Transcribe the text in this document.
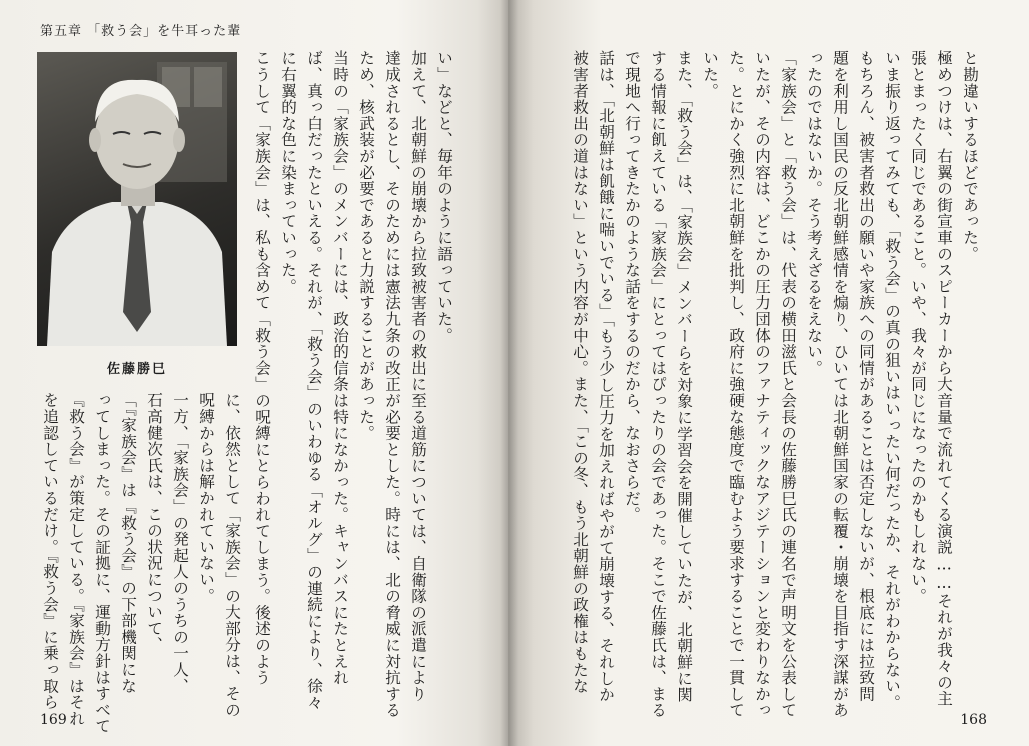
第五章 「救う会」を牛耳った輩
佐藤勝巳
い」などと、毎年のように語っていた。
加えて、北朝鮮の崩壊から拉致被害者の救出に至る道筋については、自衛隊の派遣により
達成されるとし、そのためには憲法九条の改正が必要とした。時には、北の脅威に対抗する
ため、核武装が必要であると力説することがあった。
当時の「家族会」のメンバーには、政治的信条は特になかった。キャンバスにたとえれ
ば、真っ白だったといえる。それが、「救う会」のいわゆる「オルグ」の連続により、徐々
に右翼的な色に染まっていった。
こうして「家族会」は、私も含めて「救う会」の呪縛にとらわれてしまう。後述のよう
に、依然として「家族会」の大部分は、その
呪縛からは解かれていない。
一方、「家族会」の発起人のうちの一人、
石高健次氏は、この状況について、
「『家族会』は『救う会』の下部機関にな
ってしまった。その証拠に、運動方針はすべて
『救う会』が策定している。『家族会』はそれ
を追認しているだけ。『救う会』に乗っ取ら
169
と勘違いするほどであった。
極めつけは、右翼の街宣車のスピーカーから大音量で流れてくる演説……それが我々の主
張とまったく同じであること。いや、我々が同じになったのかもしれない。
いま振り返ってみても、「救う会」の真の狙いはいったい何だったか、それがわからない。
もちろん、被害者救出の願いや家族への同情があることは否定しないが、根底には拉致問
題を利用し国民の反北朝鮮感情を煽り、ひいては北朝鮮国家の転覆・崩壊を目指す深謀があ
ったのではないか。そう考えざるをえない。
「家族会」と「救う会」は、代表の横田滋氏と会長の佐藤勝巳氏の連名で声明文を公表して
いたが、その内容は、どこかの圧力団体のファナティックなアジテーションと変わりなかっ
た。とにかく強烈に北朝鮮を批判し、政府に強硬な態度で臨むよう要求することで一貫して
いた。
また、「救う会」は、「家族会」メンバーらを対象に学習会を開催していたが、北朝鮮に関
する情報に飢えている「家族会」にとってはぴったりの会であった。そこで佐藤氏は、まる
で現地へ行ってきたかのような話をするのだから、なおさらだ。
話は、「北朝鮮は飢餓に喘いでいる」「もう少し圧力を加えればやがて崩壊する、それしか
被害者救出の道はない」という内容が中心。また、「この冬、もう北朝鮮の政権はもたな
168
